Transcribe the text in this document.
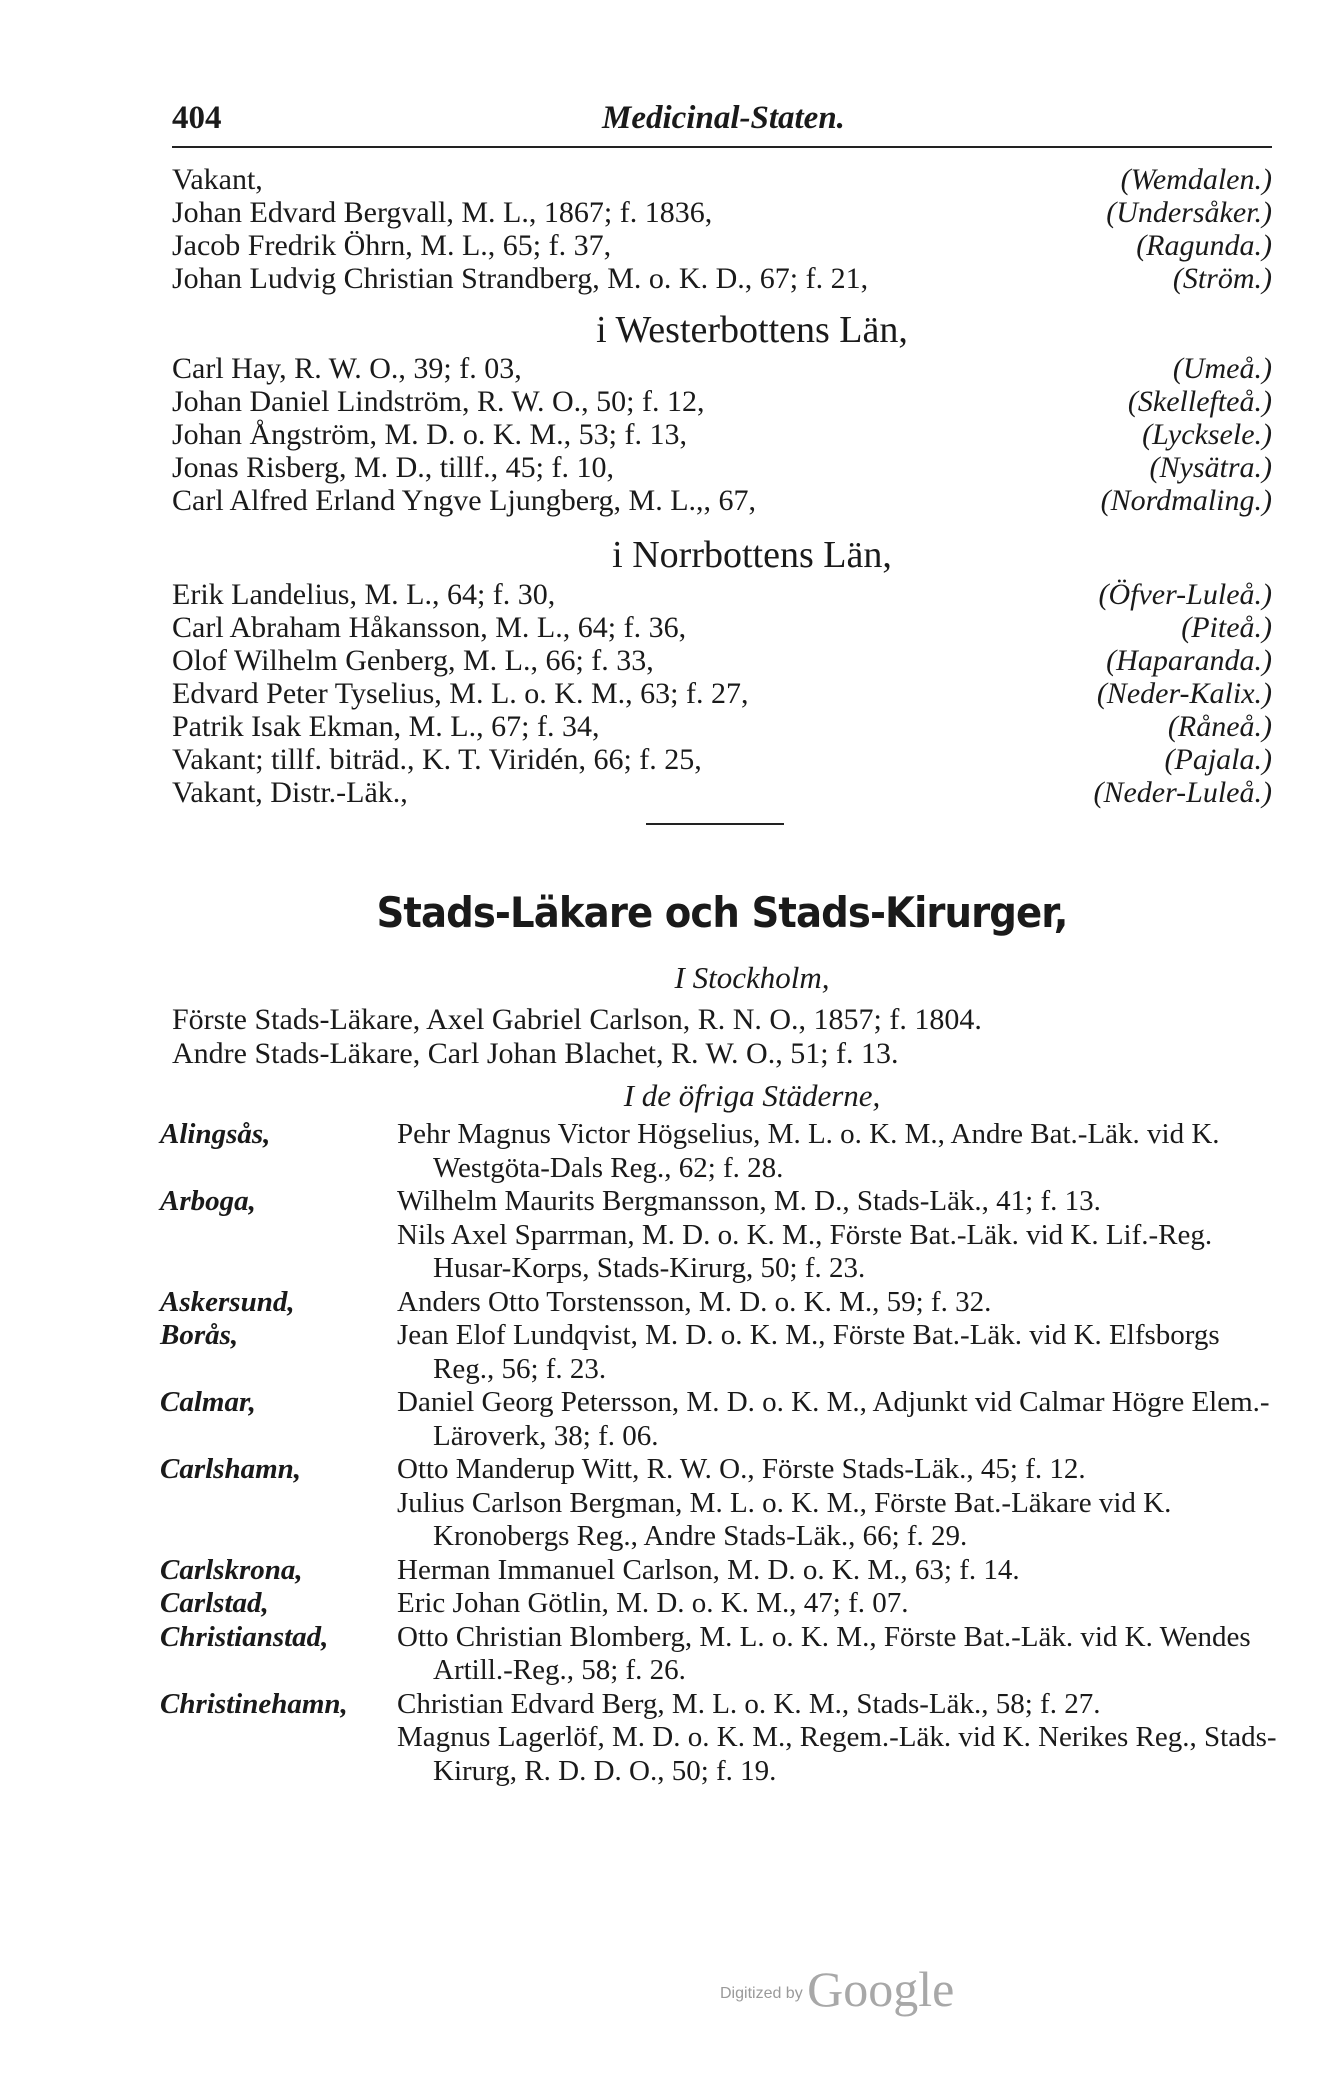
404	Medicinal-Staten.
Vakant,	(Wemdalen.)
Johan Edvard Bergvall, M. L., 1867; f. 1836,	(Undersåker.)
Jacob Fredrik Öhrn, M. L., 65; f. 37,	(Ragunda.)
Johan Ludvig Christian Strandberg, M. o. K. D., 67; f. 21,	(Ström.)
i Westerbottens Län,
Carl Hay, R. W. O., 39; f. 03,	(Umeå.)
Johan Daniel Lindström, R. W. O., 50; f. 12,	(Skellefteå.)
Johan Ångström, M. D. o. K. M., 53; f. 13,	(Lycksele.)
Jonas Risberg, M. D., tillf., 45; f. 10,	(Nysätra.)
Carl Alfred Erland Yngve Ljungberg, M. L.,, 67,	(Nordmaling.)
i Norrbottens Län,
Erik Landelius, M. L., 64; f. 30,	(Öfver-Luleå.)
Carl Abraham Håkansson, M. L., 64; f. 36,	(Piteå.)
Olof Wilhelm Genberg, M. L., 66; f. 33,	(Haparanda.)
Edvard Peter Tyselius, M. L. o. K. M., 63; f. 27,	(Neder-Kalix.)
Patrik Isak Ekman, M. L., 67; f. 34,	(Råneå.)
Vakant; tillf. biträd., K. T. Viridén, 66; f. 25,	(Pajala.)
Vakant, Distr.-Läk.,	(Neder-Luleå.)
Stads-Läkare och Stads-Kirurger,
I Stockholm,
Förste Stads-Läkare, Axel Gabriel Carlson, R. N. O., 1857; f. 1804.
Andre Stads-Läkare, Carl Johan Blachet, R. W. O., 51; f. 13.
I de öfriga Städerne,
Alingsås,	Pehr Magnus Victor Högselius, M. L. o. K. M., Andre Bat.-Läk. vid K. Westgöta-Dals Reg., 62; f. 28.
Arboga,	Wilhelm Maurits Bergmansson, M. D., Stads-Läk., 41; f. 13.
Nils Axel Sparrman, M. D. o. K. M., Förste Bat.-Läk. vid K. Lif.-Reg. Husar-Korps, Stads-Kirurg, 50; f. 23.
Askersund,	Anders Otto Torstensson, M. D. o. K. M., 59; f. 32.
Borås,	Jean Elof Lundqvist, M. D. o. K. M., Förste Bat.-Läk. vid K. Elfsborgs Reg., 56; f. 23.
Calmar,	Daniel Georg Petersson, M. D. o. K. M., Adjunkt vid Calmar Högre Elem.-Läroverk, 38; f. 06.
Carlshamn,	Otto Manderup Witt, R. W. O., Förste Stads-Läk., 45; f. 12.
Julius Carlson Bergman, M. L. o. K. M., Förste Bat.-Läkare vid K. Kronobergs Reg., Andre Stads-Läk., 66; f. 29.
Carlskrona,	Herman Immanuel Carlson, M. D. o. K. M., 63; f. 14.
Carlstad,	Eric Johan Götlin, M. D. o. K. M., 47; f. 07.
Christianstad, Otto Christian Blomberg, M. L. o. K. M., Förste Bat.-Läk. vid K. Wendes Artill.-Reg., 58; f. 26.
Christinehamn, Christian Edvard Berg, M. L. o. K. M., Stads-Läk., 58; f. 27.
Magnus Lagerlöf, M. D. o. K. M., Regem.-Läk. vid K. Nerikes Reg., Stads-Kirurg, R. D. D. O., 50; f. 19.
Digitized by Google
